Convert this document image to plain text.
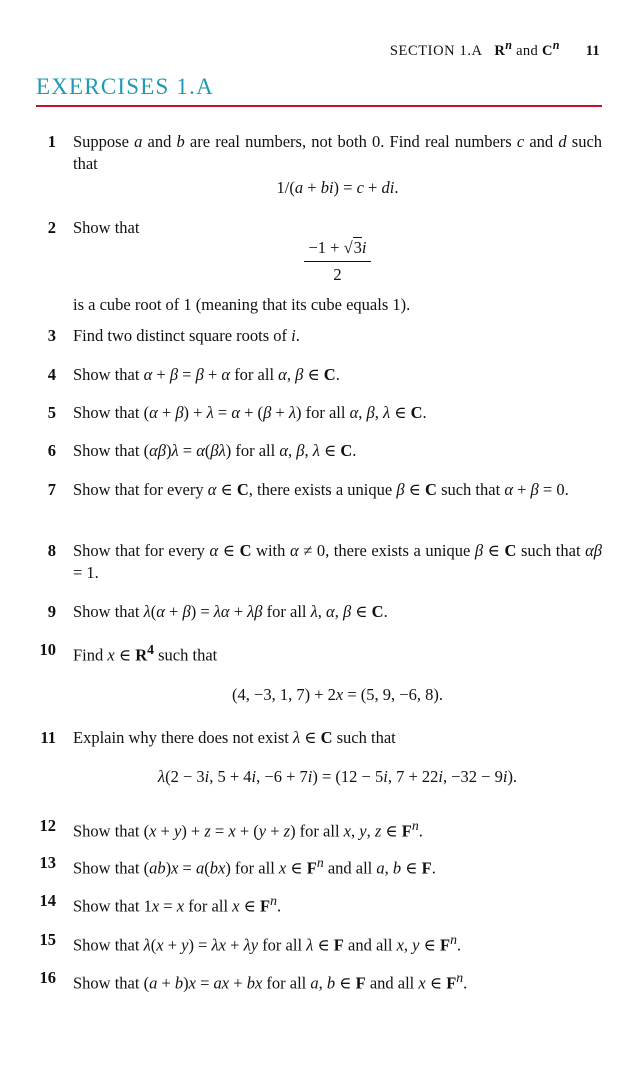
SECTION 1.A $R^n$ and $C^n$ 11
EXERCISES 1.A
1 Suppose a and b are real numbers, not both 0. Find real numbers c and d such that
1/(a + bi) = c + di.
2 Show that
$\frac{-1 + √3i}{2}$
is a cube root of 1 (meaning that its cube equals 1).
3 Find two distinct square roots of i.
4 Show that α + β = β + α for all α, β ∈ C.
5 Show that (α + β) + λ = α + (β + λ) for all α, β, λ ∈ C.
6 Show that (αβ)λ = α(βλ) for all α, β, λ ∈ C.
7 Show that for every α ∈ C, there exists a unique β ∈ C such that α + β = 0.
8 Show that for every α ∈ C with α ≠ 0, there exists a unique β ∈ C such that αβ = 1.
9 Show that λ(α + β) = λα + λβ for all λ, α, β ∈ C.
10 Find x ∈ $R^4$ such that
(4, −3, 1, 7) + 2x = (5, 9, −6, 8).
11 Explain why there does not exist λ ∈ C such that
λ(2 − 3i, 5 + 4i, −6 + 7i) = (12 − 5i, 7 + 22i, −32 − 9i).
12 Show that (x + y) + z = x + (y + z) for all x, y, z ∈ $F^n$.
13 Show that (ab)x = a(bx) for all x ∈ $F^n$ and all a, b ∈ F.
14 Show that 1x = x for all x ∈ $F^n$.
15 Show that λ(x + y) = λx + λy for all λ ∈ F and all x, y ∈ $F^n$.
16 Show that (a + b)x = ax + bx for all a, b ∈ F and all x ∈ $F^n$.
